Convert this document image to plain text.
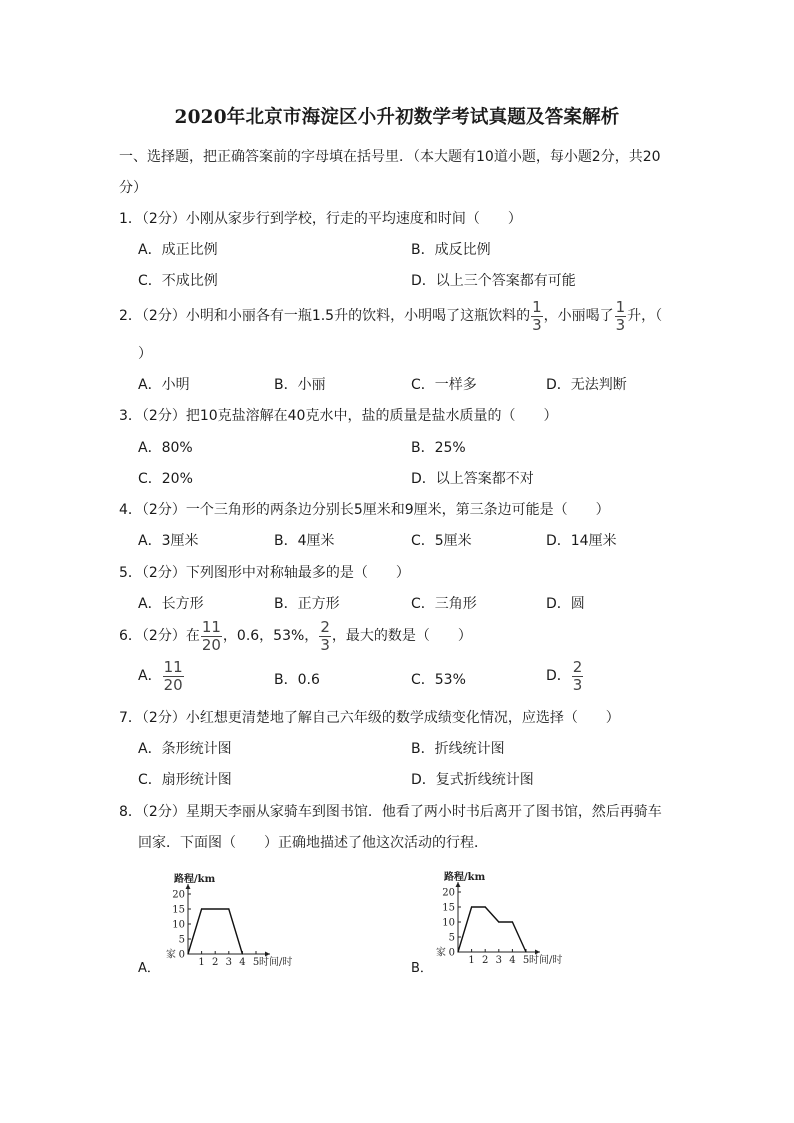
2020年北京市海淀区小升初数学考试真题及答案解析
一、选择题，把正确答案前的字母填在括号里．（本大题有10道小题，每小题2分，共20
分）
1．（2分）小刚从家步行到学校，行走的平均速度和时间（　　）
A．成正比例	B．成反比例
C．不成比例	D．以上三个答案都有可能
2．（2分）小明和小丽各有一瓶1.5升的饮料，小明喝了这瓶饮料的 $\frac{1}{3}$ ，小丽喝了 $\frac{1}{3}$ 升，（
）
A．小明	B．小丽	C．一样多	D．无法判断
3．（2分）把10克盐溶解在40克水中，盐的质量是盐水质量的（　　）
A．80%	B．25%
C．20%	D．以上答案都不对
4．（2分）一个三角形的两条边分别长5厘米和9厘米，第三条边可能是（　　）
A．3厘米	B．4厘米	C．5厘米	D．14厘米
5．（2分）下列图形中对称轴最多的是（　　）
A．长方形	B．正方形	C．三角形	D．圆
6．（2分）在 $\frac{11}{20}$ ，0.6，53%， $\frac{2}{3}$ ，最大的数是（　　）
A． $\frac{11}{20}$	B．0.6	C．53%	D． $\frac{2}{3}$
7．（2分）小红想更清楚地了解自己六年级的数学成绩变化情况，应选择（　　）
A．条形统计图	B．折线统计图
C．扇形统计图	D．复式折线统计图
8．（2分）星期天李丽从家骑车到图书馆．他看了两小时书后离开了图书馆，然后再骑车
回家．下面图（　　）正确地描述了他这次活动的行程．
A．	B．
5
10
15
20
1 2 3 4 5
0
家
路程/km
时间/时
5
10
15
20
1 2 3 4 5
0
家
路程/km
时间/时
